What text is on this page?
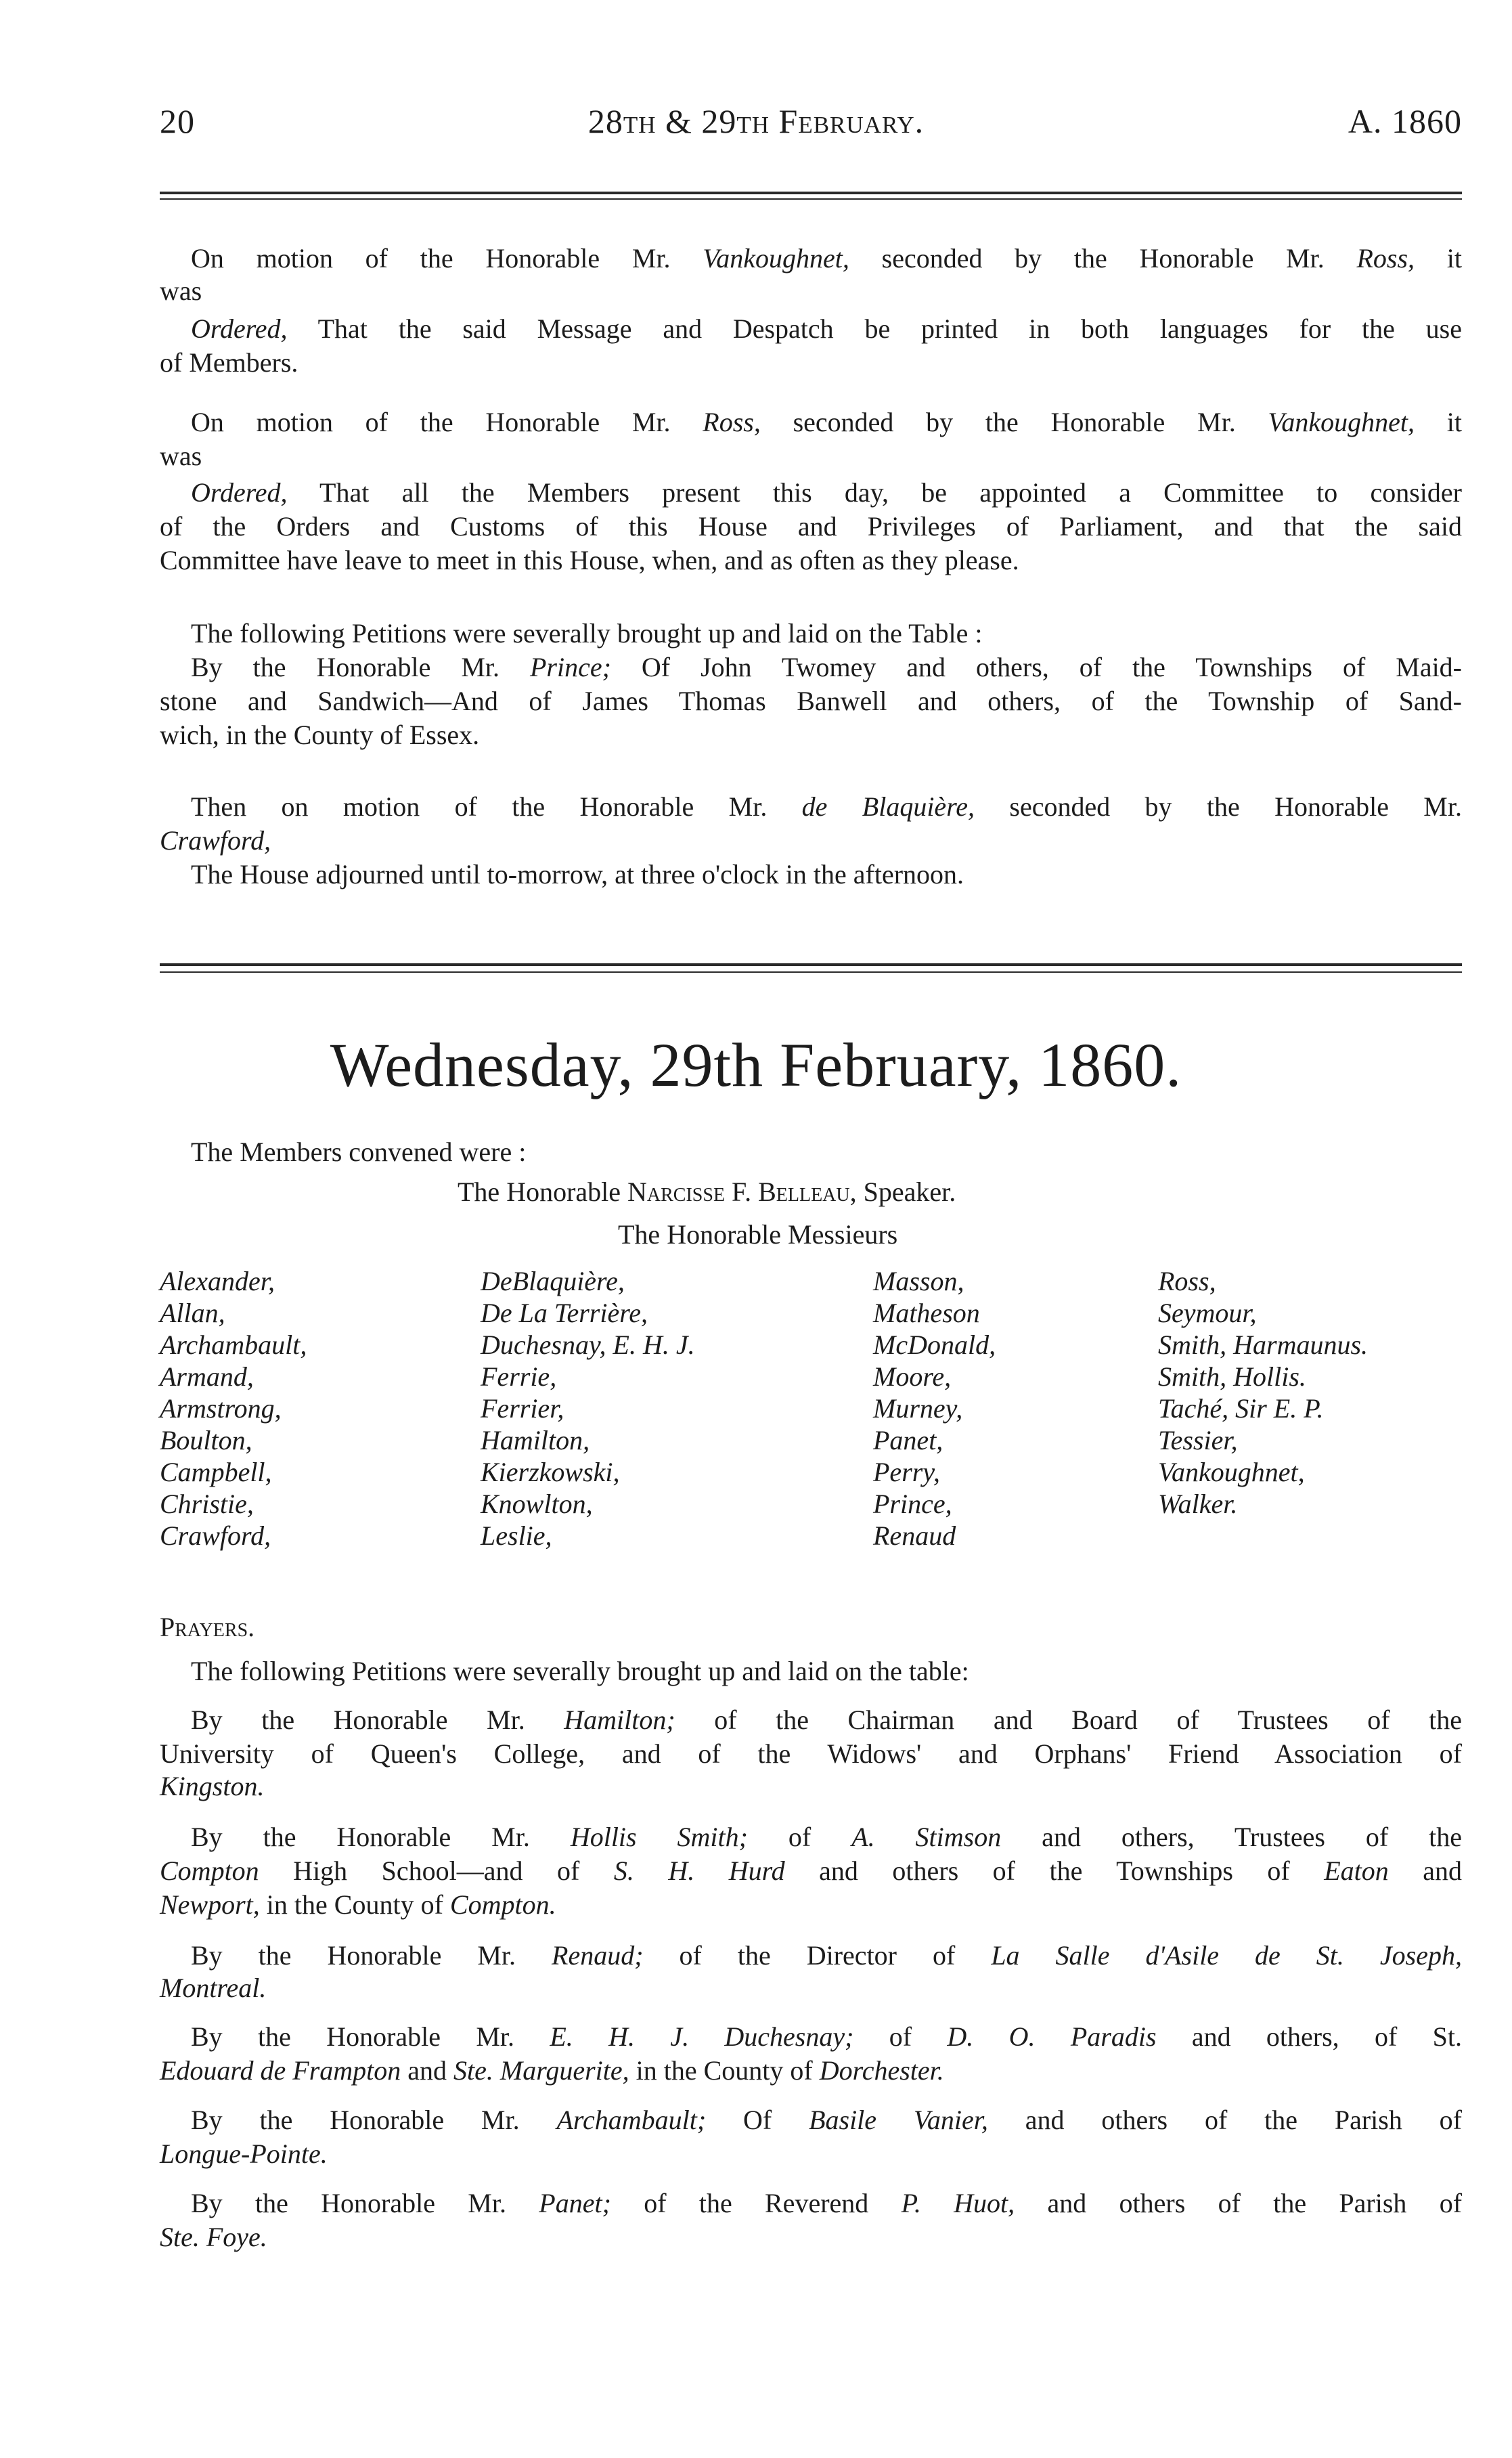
20	28th & 29th February.	A. 1860
On motion of the Honorable Mr. Vankoughnet, seconded by the Honorable Mr. Ross, it
was
Ordered, That the said Message and Despatch be printed in both languages for the use
of Members.
On motion of the Honorable Mr. Ross, seconded by the Honorable Mr. Vankoughnet, it
was
Ordered, That all the Members present this day, be appointed a Committee to consider
of the Orders and Customs of this House and Privileges of Parliament, and that the said
Committee have leave to meet in this House, when, and as often as they please.
The following Petitions were severally brought up and laid on the Table :
By the Honorable Mr. Prince; Of John Twomey and others, of the Townships of Maid-
stone and Sandwich—And of James Thomas Banwell and others, of the Township of Sand-
wich, in the County of Essex.
Then on motion of the Honorable Mr. de Blaquière, seconded by the Honorable Mr.
Crawford,
The House adjourned until to-morrow, at three o'clock in the afternoon.
Wednesday, 29th February, 1860.
The Members convened were :
The Honorable Narcisse F. Belleau, Speaker.
The Honorable Messieurs
Alexander,
Allan,
Archambault,
Armand,
Armstrong,
Boulton,
Campbell,
Christie,
Crawford,
DeBlaquière,
De La Terrière,
Duchesnay, E. H. J.
Ferrie,
Ferrier,
Hamilton,
Kierzkowski,
Knowlton,
Leslie,
Masson,
Matheson
McDonald,
Moore,
Murney,
Panet,
Perry,
Prince,
Renaud
Ross,
Seymour,
Smith, Harmaunus.
Smith, Hollis.
Taché, Sir E. P.
Tessier,
Vankoughnet,
Walker.
Prayers.
The following Petitions were severally brought up and laid on the table:
By the Honorable Mr. Hamilton; of the Chairman and Board of Trustees of the
University of Queen's College, and of the Widows' and Orphans' Friend Association of
Kingston.
By the Honorable Mr. Hollis Smith; of A. Stimson and others, Trustees of the
Compton High School—and of S. H. Hurd and others of the Townships of Eaton and
Newport, in the County of Compton.
By the Honorable Mr. Renaud; of the Director of La Salle d'Asile de St. Joseph,
Montreal.
By the Honorable Mr. E. H. J. Duchesnay; of D. O. Paradis and others, of St.
Edouard de Frampton and Ste. Marguerite, in the County of Dorchester.
By the Honorable Mr. Archambault; Of Basile Vanier, and others of the Parish of
Longue-Pointe.
By the Honorable Mr. Panet; of the Reverend P. Huot, and others of the Parish of
Ste. Foye.
